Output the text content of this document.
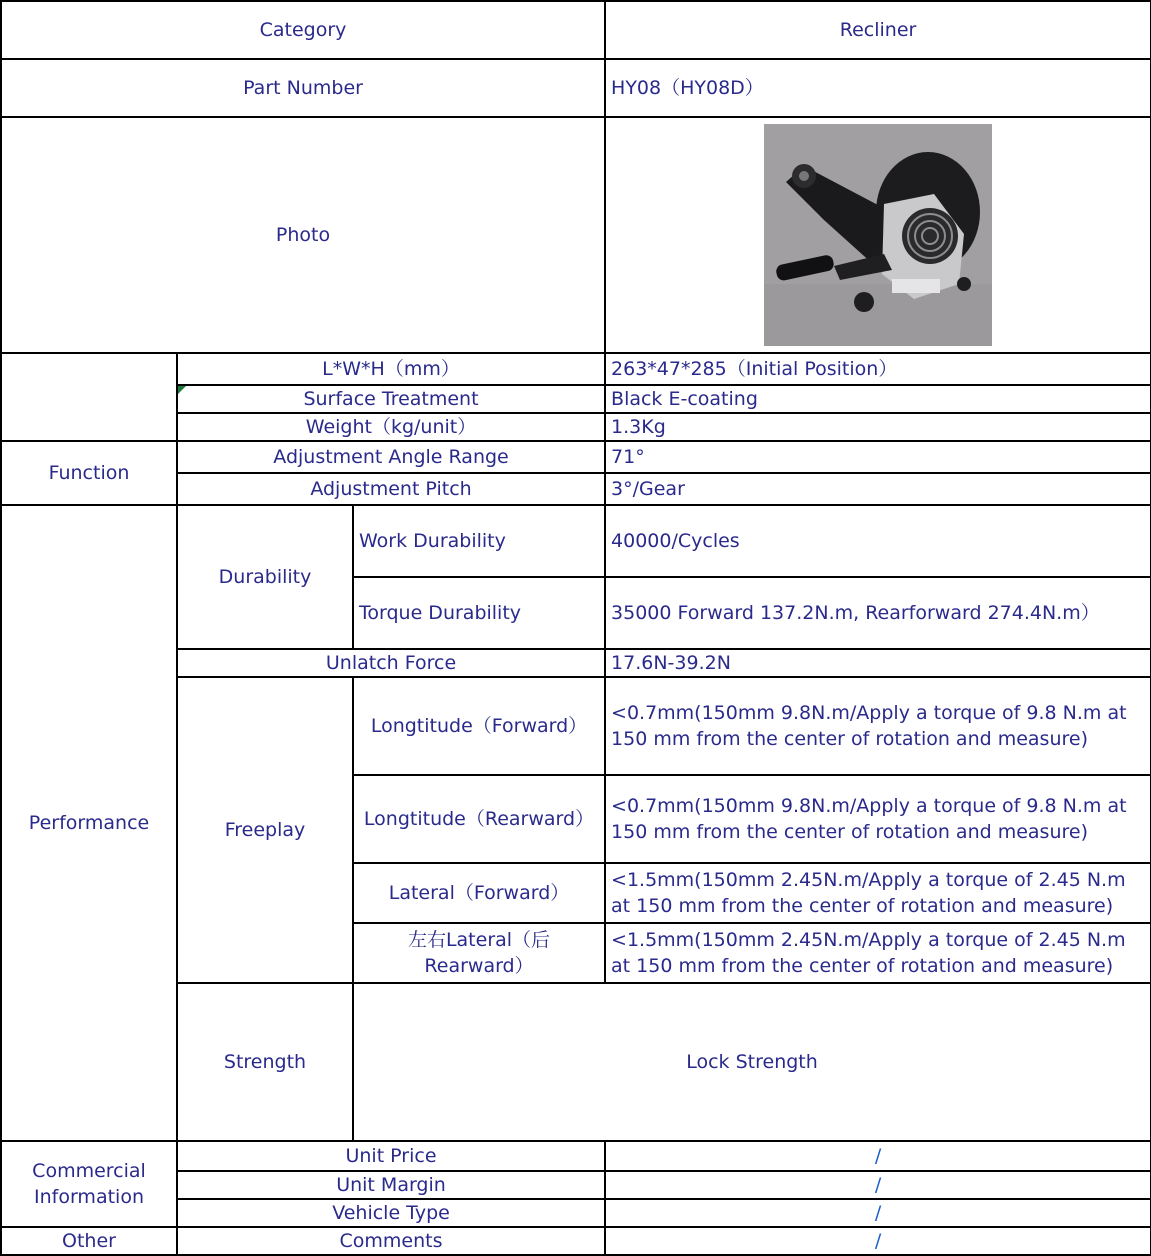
Category			Recliner	
Part Number			HY08（HY08D）	
Photo	

	L*W*H（mm）		263*47*285（Initial Position）	

Surface Treatment		Black E-coating	
	Weight（kg/unit）		1.3Kg	
Function	Adjustment Angle Range		71°	
	Adjustment Pitch		3°/Gear	
Performance	Durability	Work Durability	40000/Cycles	
		Torque Durability	35000 Forward 137.2N.m, Rearforward 274.4N.m）	
	Unlatch Force		17.6N-39.2N	
	Freeplay	Longtitude（Forward）	<0.7mm(150mm 9.8N.m/Apply a torque of 9.8 N.m at 150 mm from the center of rotation and measure)	
		Longtitude（Rearward）	<0.7mm(150mm 9.8N.m/Apply a torque of 9.8 N.m at 150 mm from the center of rotation and measure)	
		Lateral（Forward）	<1.5mm(150mm 2.45N.m/Apply a torque of 2.45 N.m at 150 mm from the center of rotation and measure)	
		左右Lateral（后Rearward）	<1.5mm(150mm 2.45N.m/Apply a torque of 2.45 N.m at 150 mm from the center of rotation and measure)	
	Strength	Lock Strength	
Commercial Information	Unit Price		/	
	Unit Margin		/	
	Vehicle Type		/	
Other	Comments		/	
